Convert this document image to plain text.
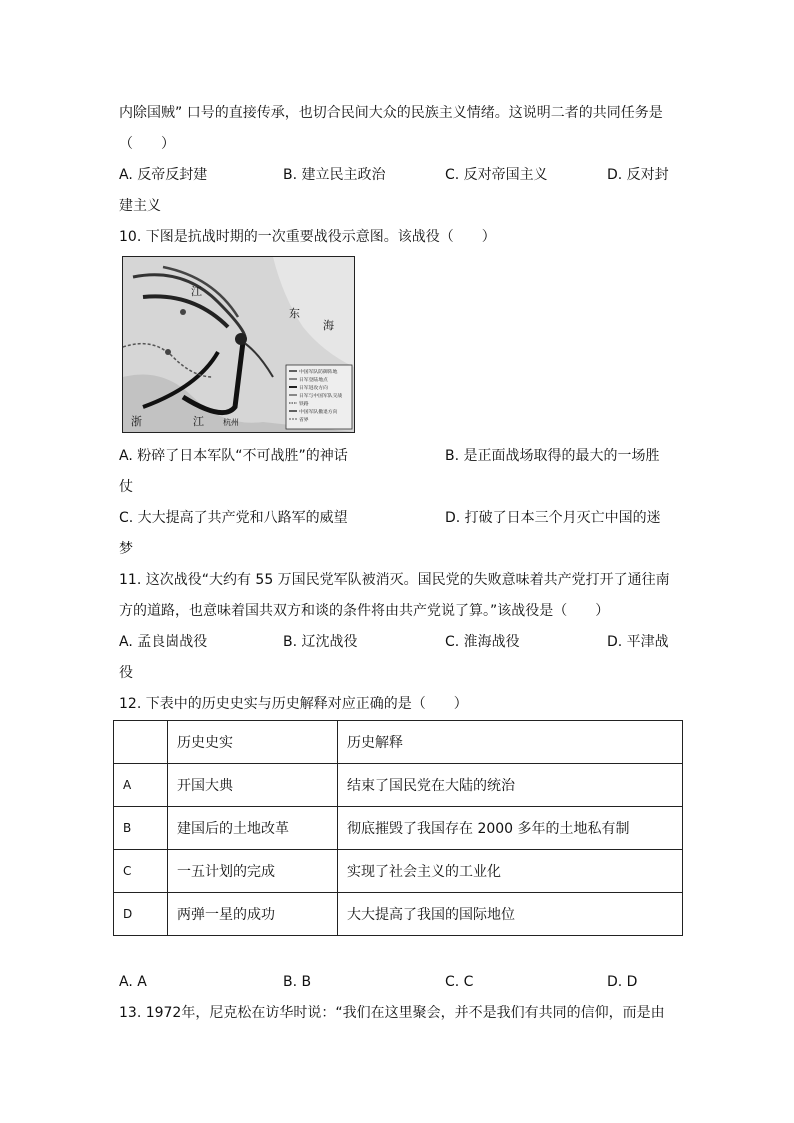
内除国贼” 口号的直接传承，也切合民间大众的民族主义情绪。这说明二者的共同任务是
（　　）
A. 反帝反封建	B. 建立民主政治	C. 反对帝国主义	D. 反对封
建主义
10. 下图是抗战时期的一次重要战役示意图。该战役（　　）
江
东
海
浙	江 杭州
中国军队防御阵地
日军登陆地点
日军进攻方向
日军与中国军队交战
铁路
中国军队撤退方向
省界
A. 粉碎了日本军队“不可战胜”的神话	B. 是正面战场取得的最大的一场胜
仗
C. 大大提高了共产党和八路军的威望	D. 打破了日本三个月灭亡中国的迷
梦
11. 这次战役“大约有 55 万国民党军队被消灭。国民党的失败意味着共产党打开了通往南
方的道路，也意味着国共双方和谈的条件将由共产党说了算。”该战役是（　　）
A. 孟良崮战役	B. 辽沈战役	C. 淮海战役	D. 平津战
役
12. 下表中的历史史实与历史解释对应正确的是（　　）
	历史史实	历史解释
A	开国大典	结束了国民党在大陆的统治
B	建国后的土地改革	彻底摧毁了我国存在 2000 多年的土地私有制
C	一五计划的完成	实现了社会主义的工业化
D	两弹一星的成功	大大提高了我国的国际地位
A. A	B. B	C. C	D. D
13. 1972年，尼克松在访华时说：“我们在这里聚会，并不是我们有共同的信仰，而是由
